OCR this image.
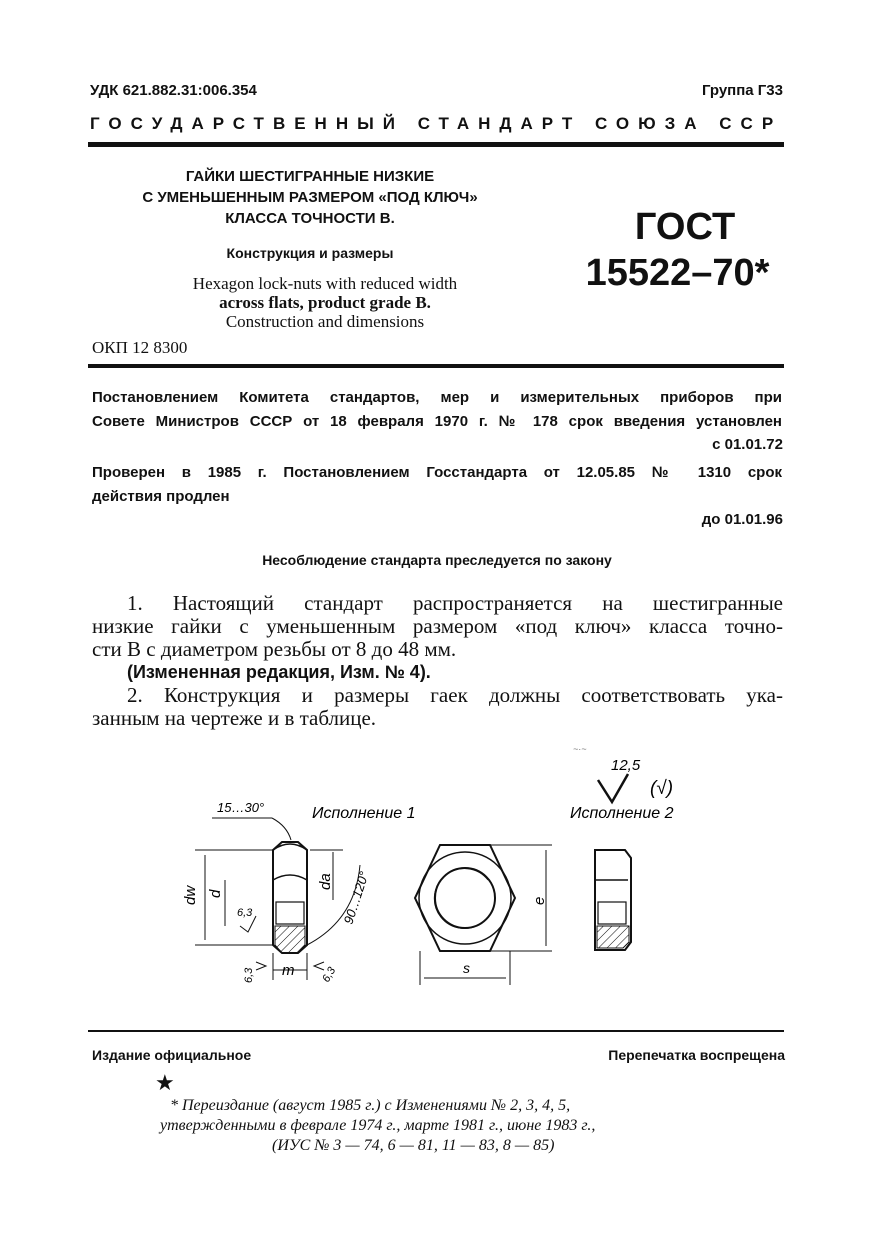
УДК 621.882.31:006.354	Группа Г33
ГОСУДАРСТВЕННЫЙ СТАНДАРТ СОЮЗА ССР
ГАЙКИ ШЕСТИГРАННЫЕ НИЗКИЕ
С УМЕНЬШЕННЫМ РАЗМЕРОМ «ПОД КЛЮЧ»
КЛАССА ТОЧНОСТИ В.
Конструкция и размеры
Hexagon lock-nuts with reduced width
across flats, product grade B.
Construction and dimensions
ОКП 12 8300
ГОСТ
15522–70*
Постановлением Комитета стандартов, мер и измерительных приборов при
Совете Министров СССР от 18 февраля 1970 г. № 178 срок введения установлен
с 01.01.72
Проверен в 1985 г. Постановлением Госстандарта от 12.05.85 № 1310 срок
действия продлен
до 01.01.96
Несоблюдение стандарта преследуется по закону
1. Настоящий стандарт распространяется на шестигранные
низкие гайки с уменьшенным размером «под ключ» класса точно-
сти В с диаметром резьбы от 8 до 48 мм.
(Измененная редакция, Изм. № 4).
2. Конструкция и размеры гаек должны соответствовать ука-
занным на чертеже и в таблице.
12,5
(√)
~·~
Исполнение 1	Исполнение 2
15…30°
dw d
da 90…120°
m
6,3
6,3	6,3	s
e
Издание официальное	Перепечатка воспрещена
★
* Переиздание (август 1985 г.) с Изменениями № 2, 3, 4, 5,
утвержденными в феврале 1974 г., марте 1981 г., июне 1983 г.,
(ИУС № 3 — 74, 6 — 81, 11 — 83, 8 — 85)
